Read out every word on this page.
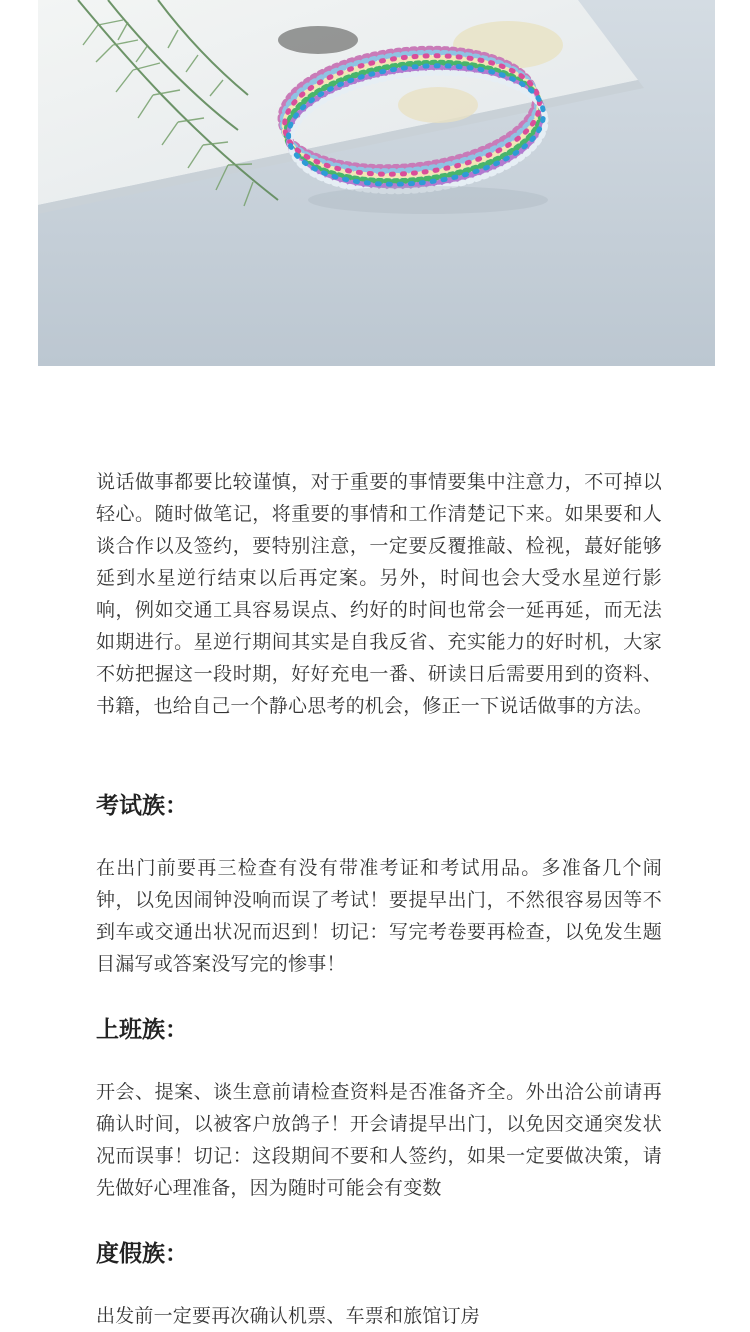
说话做事都要比较谨慎，对于重要的事情要集中注意力，不可掉以轻心。随时做笔记，将重要的事情和工作清楚记下来。如果要和人谈合作以及签约，要特别注意，一定要反覆推敲、检视，蕞好能够延到水星逆行结束以后再定案。另外，时间也会大受水星逆行影响，例如交通工具容易误点、约好的时间也常会一延再延，而无法如期进行。星逆行期间其实是自我反省、充实能力的好时机，大家不妨把握这一段时期，好好充电一番、研读日后需要用到的资料、书籍，也给自己一个静心思考的机会，修正一下说话做事的方法。

考试族：

在出门前要再三检查有没有带准考证和考试用品。多准备几个闹钟，以免因闹钟没响而误了考试！要提早出门，不然很容易因等不到车或交通出状况而迟到！切记：写完考卷要再检查，以免发生题目漏写或答案没写完的惨事！

上班族：

开会、提案、谈生意前请检查资料是否准备齐全。外出洽公前请再确认时间，以被客户放鸽子！开会请提早出门，以免因交通突发状况而误事！切记：这段期间不要和人签约，如果一定要做决策，请先做好心理准备，因为随时可能会有变数

度假族：

出发前一定要再次确认机票、车票和旅馆订房
